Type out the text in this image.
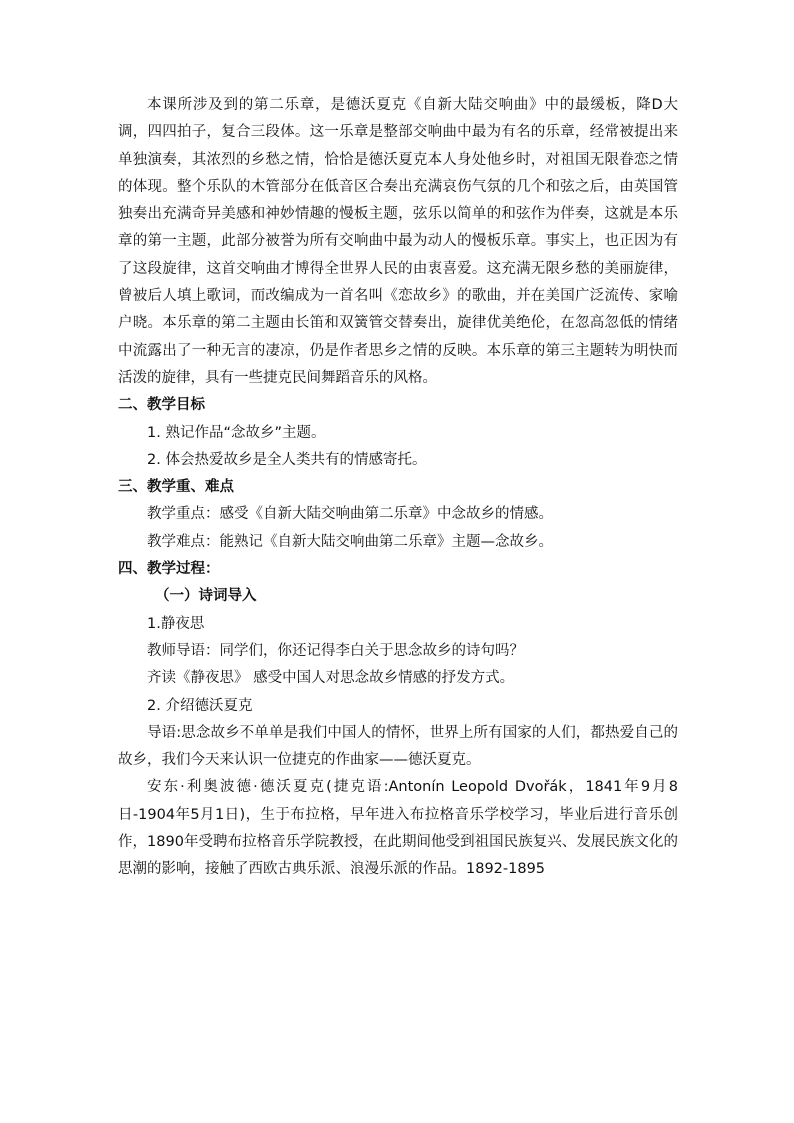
本课所涉及到的第二乐章，是德沃夏克《自新大陆交响曲》中的最缓板，降D大调，四四拍子，复合三段体。这一乐章是整部交响曲中最为有名的乐章，经常被提出来单独演奏，其浓烈的乡愁之情，恰恰是德沃夏克本人身处他乡时，对祖国无限眷恋之情的体现。整个乐队的木管部分在低音区合奏出充满哀伤气氛的几个和弦之后，由英国管独奏出充满奇异美感和神妙情趣的慢板主题，弦乐以简单的和弦作为伴奏，这就是本乐章的第一主题，此部分被誉为所有交响曲中最为动人的慢板乐章。事实上，也正因为有了这段旋律，这首交响曲才博得全世界人民的由衷喜爱。这充满无限乡愁的美丽旋律，曾被后人填上歌词，而改编成为一首名叫《恋故乡》的歌曲，并在美国广泛流传、家喻户晓。本乐章的第二主题由长笛和双簧管交替奏出，旋律优美绝伦，在忽高忽低的情绪中流露出了一种无言的凄凉，仍是作者思乡之情的反映。本乐章的第三主题转为明快而活泼的旋律，具有一些捷克民间舞蹈音乐的风格。

二、教学目标

1. 熟记作品“念故乡”主题。

2. 体会热爱故乡是全人类共有的情感寄托。

三、教学重、难点

教学重点：感受《自新大陆交响曲第二乐章》中念故乡的情感。

教学难点：能熟记《自新大陆交响曲第二乐章》主题—念故乡。

四、教学过程：

（一）诗词导入

1.静夜思

教师导语：同学们，你还记得李白关于思念故乡的诗句吗？

齐读《静夜思》 感受中国人对思念故乡情感的抒发方式。

2. 介绍德沃夏克

导语:思念故乡不单单是我们中国人的情怀，世界上所有国家的人们，都热爱自己的故乡，我们今天来认识一位捷克的作曲家——德沃夏克。

安东·利奥波德·德沃夏克(捷克语:Antonín Leopold Dvořák，1841年9月8日-1904年5月1日)，生于布拉格，早年进入布拉格音乐学校学习，毕业后进行音乐创作，1890年受聘布拉格音乐学院教授，在此期间他受到祖国民族复兴、发展民族文化的思潮的影响，接触了西欧古典乐派、浪漫乐派的作品。1892-1895
